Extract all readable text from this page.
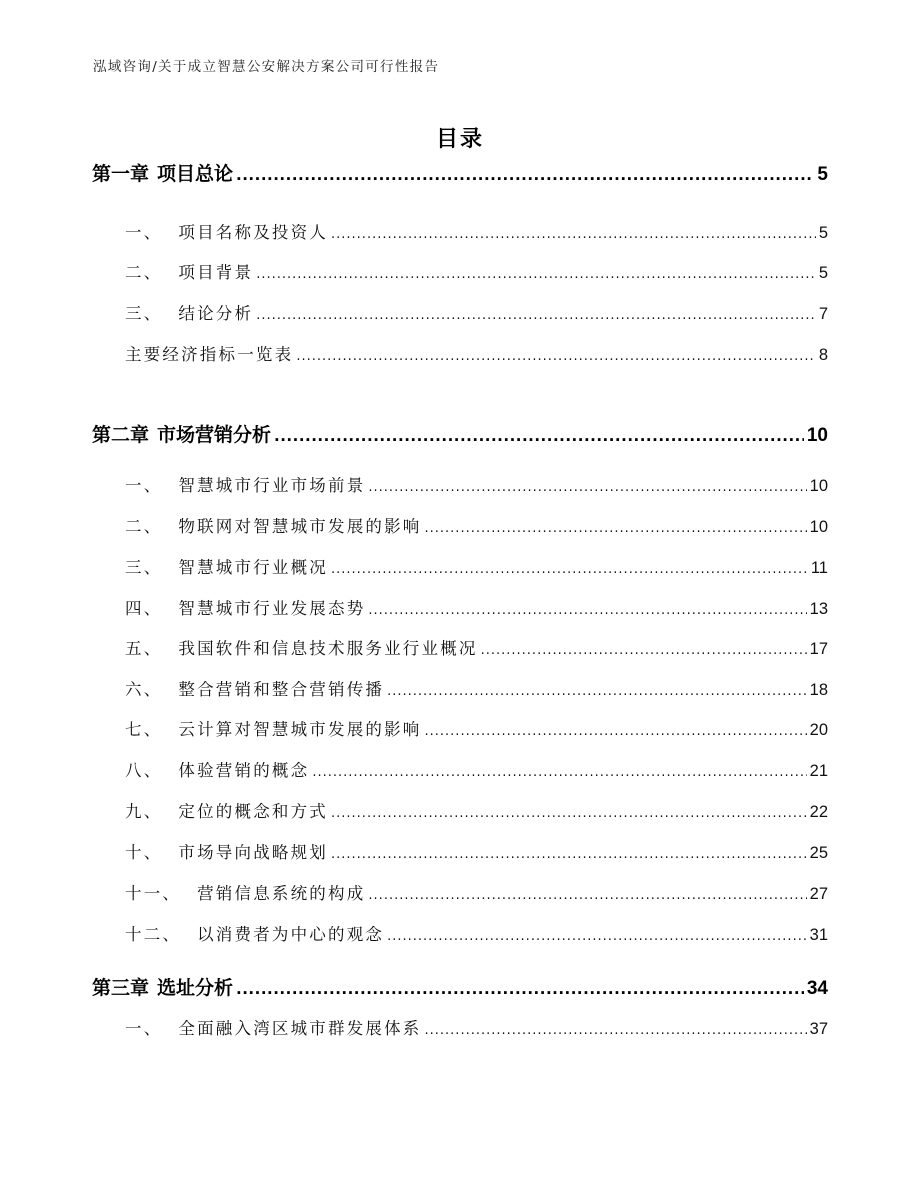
泓域咨询/关于成立智慧公安解决方案公司可行性报告
目录
第一章 项目总论 .....	5
一、 项目名称及投资人 .....	5
二、 项目背景 .....	5
三、 结论分析 .....	7
主要经济指标一览表 .....	8
第二章 市场营销分析 .....	10
一、 智慧城市行业市场前景 .....	10
二、 物联网对智慧城市发展的影响 .....	10
三、 智慧城市行业概况 .....	11
四、 智慧城市行业发展态势 .....	13
五、 我国软件和信息技术服务业行业概况 .....	17
六、 整合营销和整合营销传播 .....	18
七、 云计算对智慧城市发展的影响 .....	20
八、 体验营销的概念 .....	21
九、 定位的概念和方式 .....	22
十、 市场导向战略规划 .....	25
十一、 营销信息系统的构成 .....	27
十二、 以消费者为中心的观念 .....	31
第三章 选址分析 .....	34
一、 全面融入湾区城市群发展体系 .....	37
